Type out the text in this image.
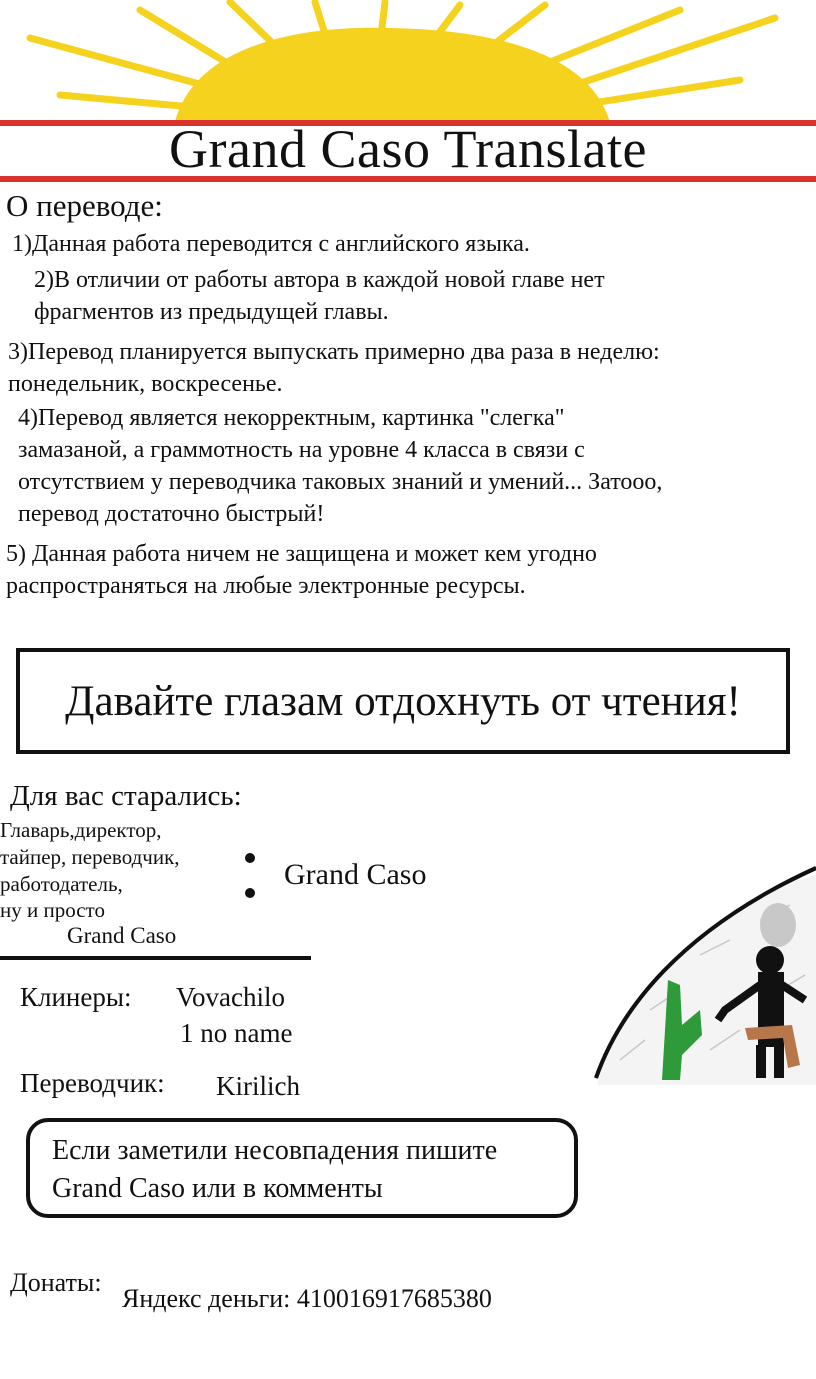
Grand Caso Translate
О переводе:
1)Данная работа переводится с английского языка.
2)В отличии от работы автора в каждой новой главе нет фрагментов из предыдущей главы.
3)Перевод планируется выпускать примерно два раза в неделю: понедельник, воскресенье.
4)Перевод является некорректным, картинка "слегка" замазаной, а граммотность на уровне 4 класса в связи с отсутствием у переводчика таковых знаний и умений... Затооо, перевод достаточно быстрый!
5) Данная работа ничем не защищена и может кем угодно распространяться на любые электронные ресурсы.
Давайте глазам отдохнуть от чтения!
Для вас старались:
Главарь,директор,
тайпер, переводчик,
работодатель,
ну и просто
Grand Caso
Grand Caso
Клинеры: Vovachilo
1 no name
Переводчик: Kirilich
Если заметили несовпадения пишите
Grand Caso или в комменты
Донаты:
Яндекс деньги: 410016917685380
